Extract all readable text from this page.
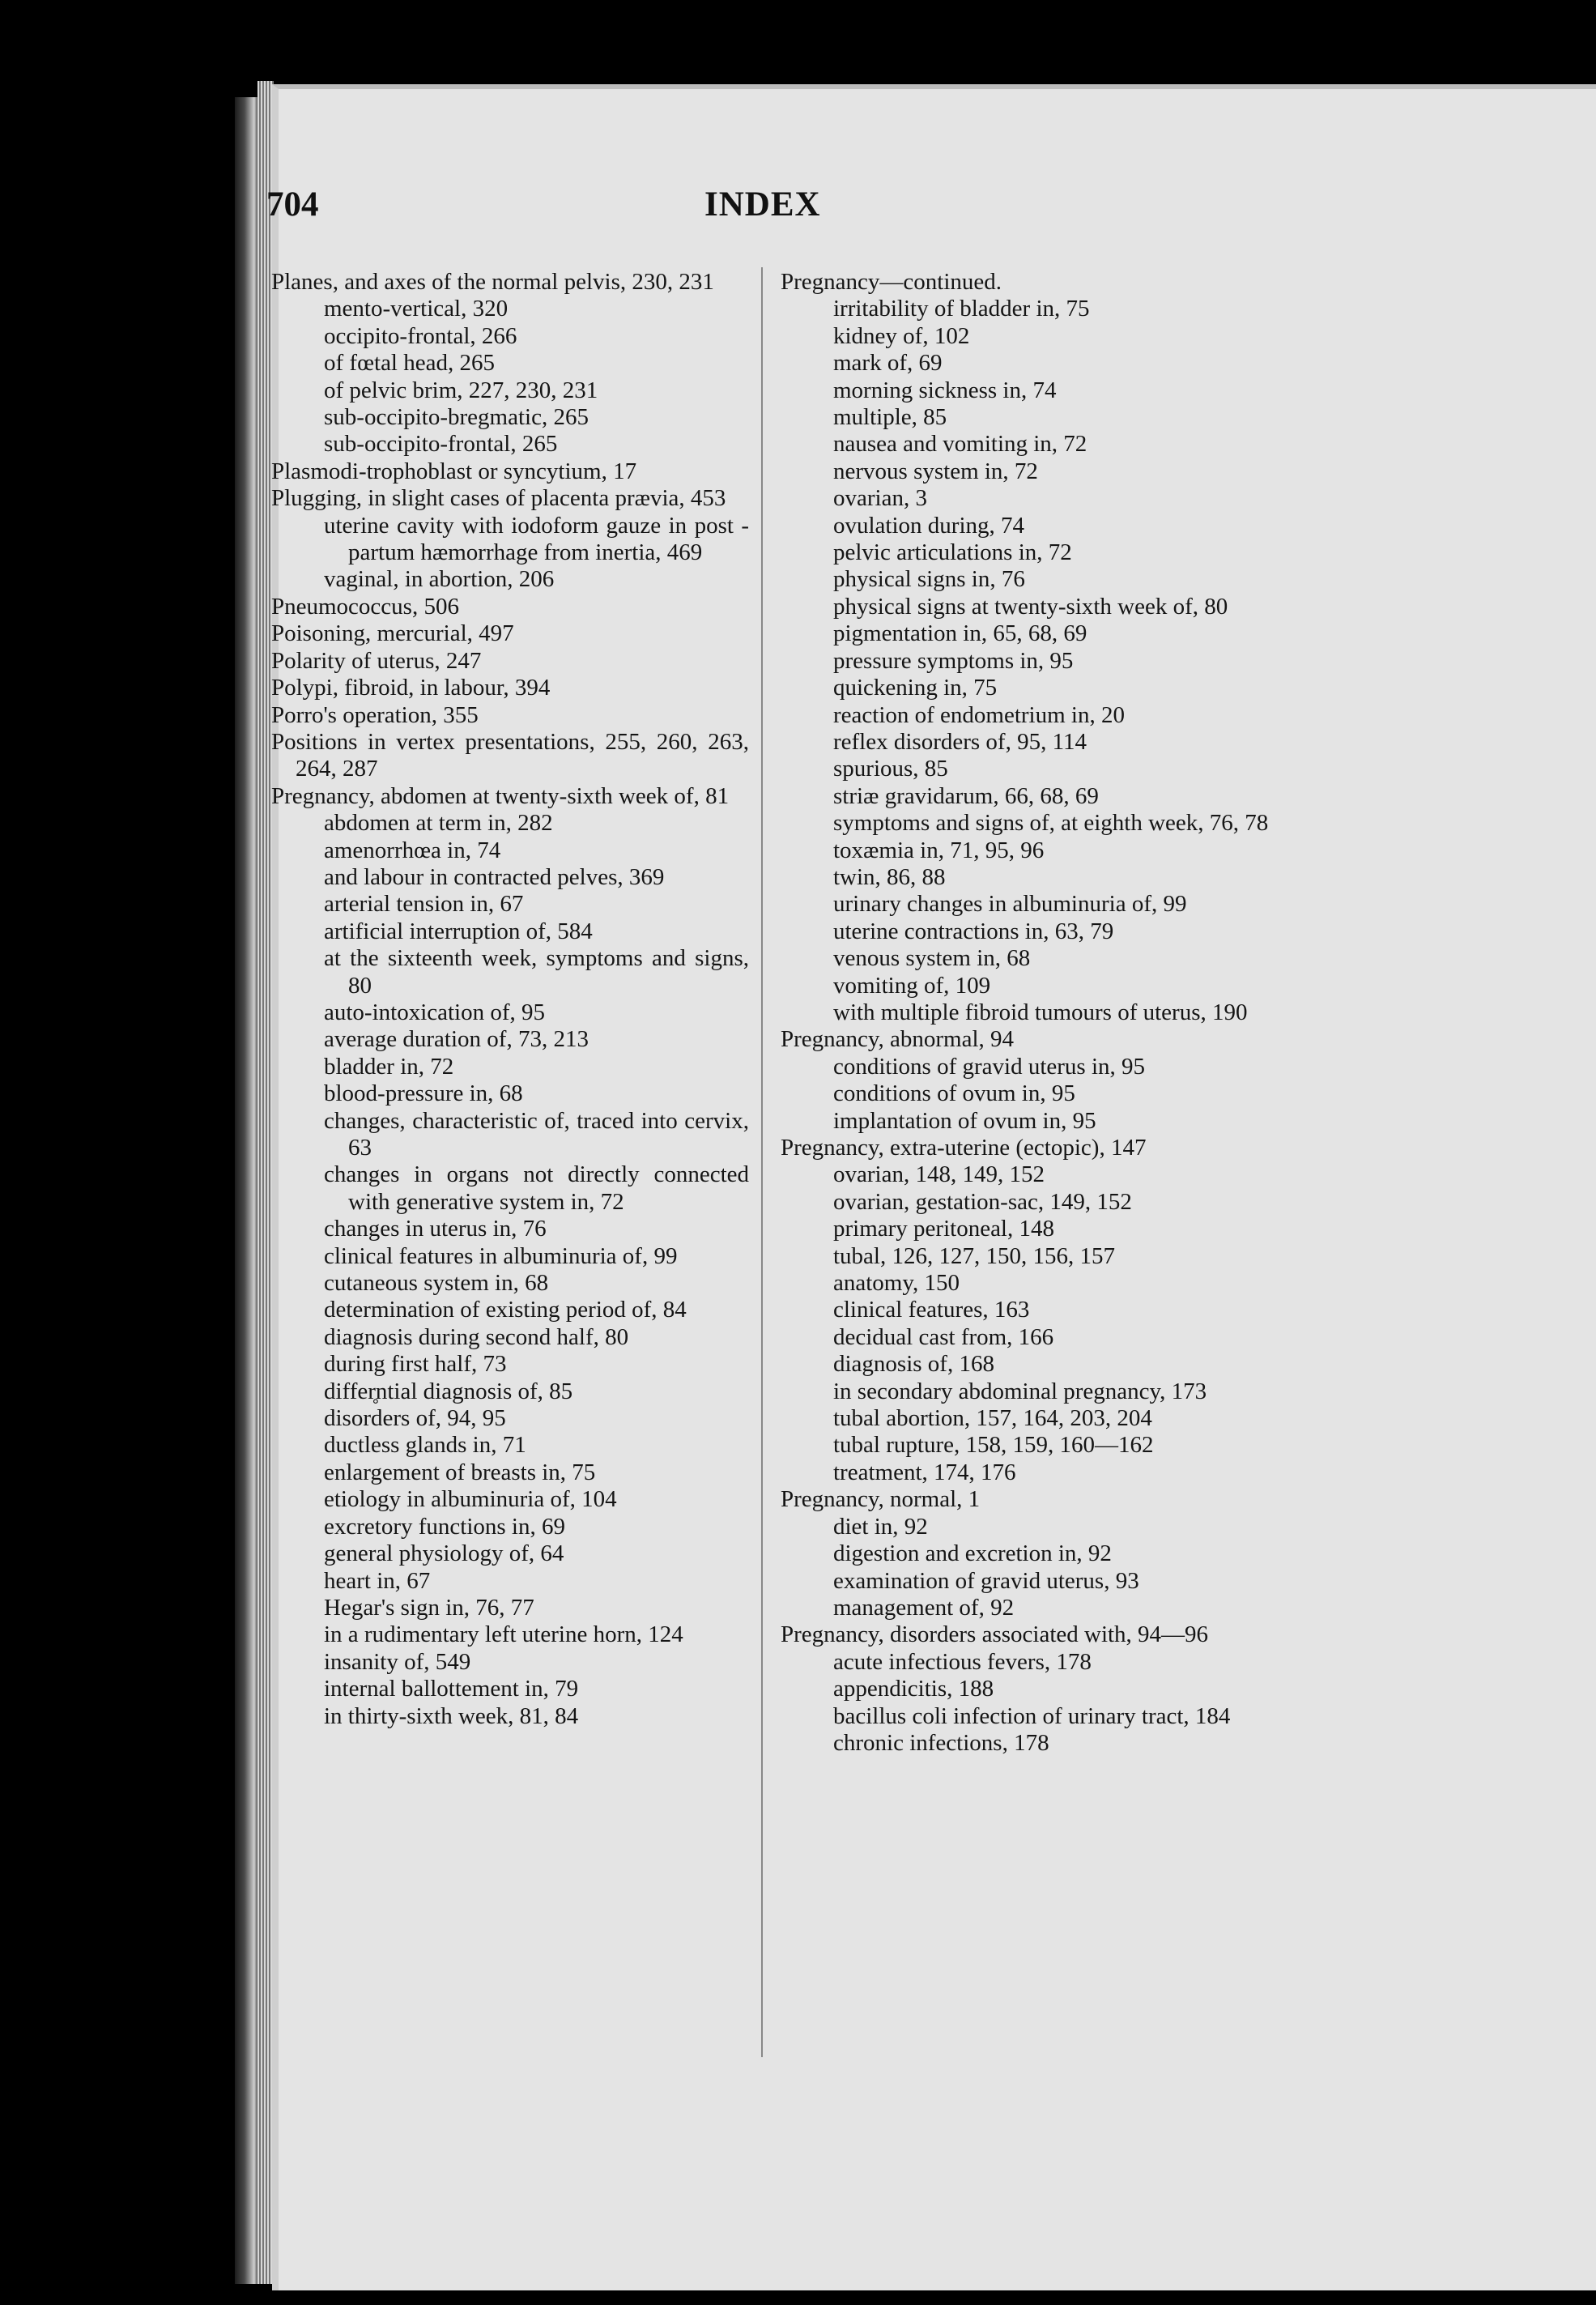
704	INDEX
Planes, and axes of the normal pelvis, 230, 231
mento-vertical, 320
occipito-frontal, 266
of fœtal head, 265
of pelvic brim, 227, 230, 231
sub-occipito-bregmatic, 265
sub-occipito-frontal, 265
Plasmodi-trophoblast or syncytium, 17
Plugging, in slight cases of placenta prævia, 453
uterine cavity with iodoform gauze in post - partum hæmorrhage from inertia, 469
vaginal, in abortion, 206
Pneumococcus, 506
Poisoning, mercurial, 497
Polarity of uterus, 247
Polypi, fibroid, in labour, 394
Porro's operation, 355
Positions in vertex presentations, 255, 260, 263, 264, 287
Pregnancy, abdomen at twenty-sixth week of, 81
abdomen at term in, 282
amenorrhœa in, 74
and labour in contracted pelves, 369
arterial tension in, 67
artificial interruption of, 584
at the sixteenth week, symptoms and signs, 80
auto-intoxication of, 95
average duration of, 73, 213
bladder in, 72
blood-pressure in, 68
changes, characteristic of, traced into cervix, 63
changes in organs not directly connected with generative system in, 72
changes in uterus in, 76
clinical features in albuminuria of, 99
cutaneous system in, 68
determination of existing period of, 84
diagnosis during second half, 80
during first half, 73
differ̥ntial diagnosis of, 85
disorders of, 94, 95
ductless glands in, 71
enlargement of breasts in, 75
etiology in albuminuria of, 104
excretory functions in, 69
general physiology of, 64
heart in, 67
Hegar's sign in, 76, 77
in a rudimentary left uterine horn, 124
insanity of, 549
internal ballottement in, 79
in thirty-sixth week, 81, 84
Pregnancy—continued.
irritability of bladder in, 75
kidney of, 102
mark of, 69
morning sickness in, 74
multiple, 85
nausea and vomiting in, 72
nervous system in, 72
ovarian, 3
ovulation during, 74
pelvic articulations in, 72
physical signs in, 76
physical signs at twenty-sixth week of, 80
pigmentation in, 65, 68, 69
pressure symptoms in, 95
quickening in, 75
reaction of endometrium in, 20
reflex disorders of, 95, 114
spurious, 85
striæ gravidarum, 66, 68, 69
symptoms and signs of, at eighth week, 76, 78
toxæmia in, 71, 95, 96
twin, 86, 88
urinary changes in albuminuria of, 99
uterine contractions in, 63, 79
venous system in, 68
vomiting of, 109
with multiple fibroid tumours of uterus, 190
Pregnancy, abnormal, 94
conditions of gravid uterus in, 95
conditions of ovum in, 95
implantation of ovum in, 95
Pregnancy, extra-uterine (ectopic), 147
ovarian, 148, 149, 152
ovarian, gestation-sac, 149, 152
primary peritoneal, 148
tubal, 126, 127, 150, 156, 157
anatomy, 150
clinical features, 163
decidual cast from, 166
diagnosis of, 168
in secondary abdominal pregnancy, 173
tubal abortion, 157, 164, 203, 204
tubal rupture, 158, 159, 160—162
treatment, 174, 176
Pregnancy, normal, 1
diet in, 92
digestion and excretion in, 92
examination of gravid uterus, 93
management of, 92
Pregnancy, disorders associated with, 94—96
acute infectious fevers, 178
appendicitis, 188
bacillus coli infection of urinary tract, 184
chronic infections, 178
